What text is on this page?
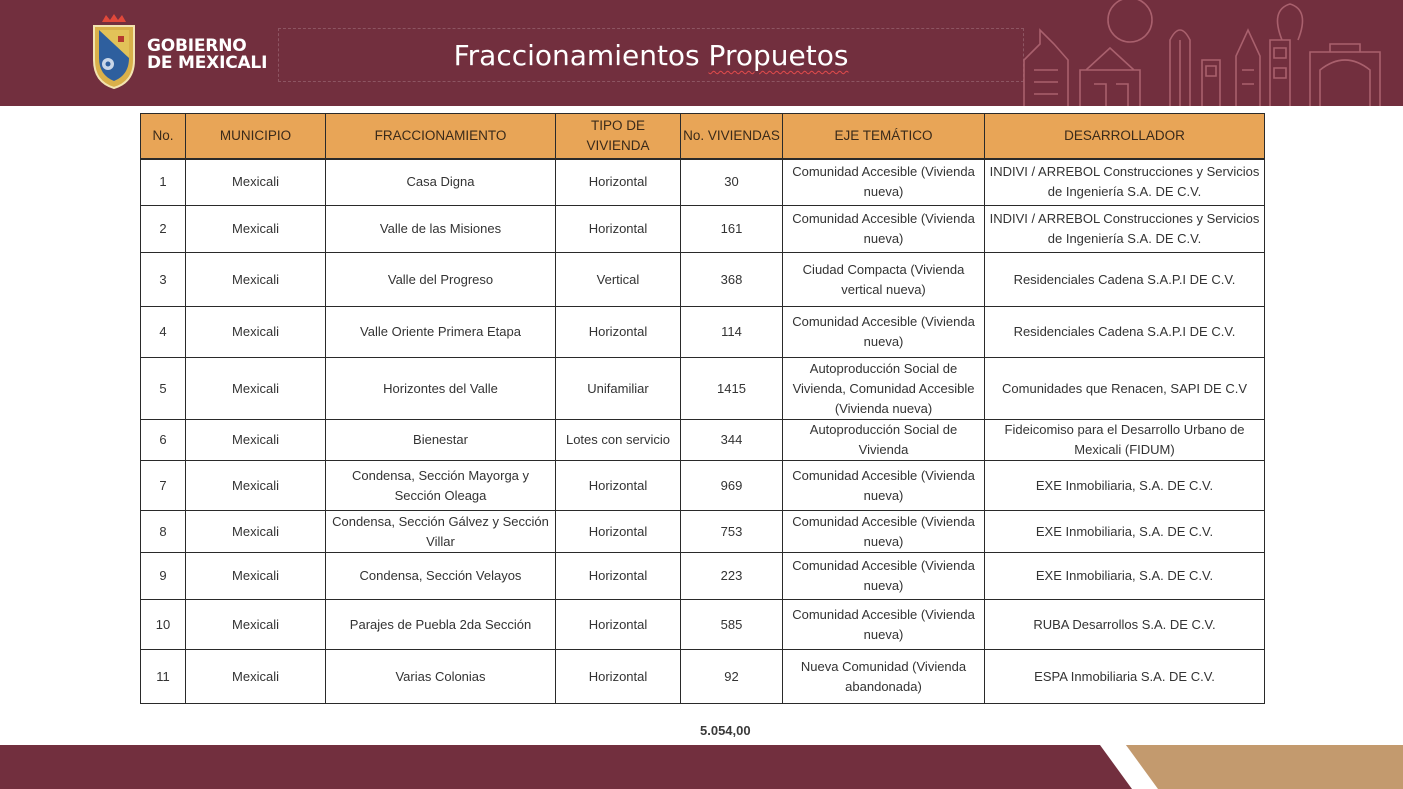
GOBIERNO
DE MEXICALI	Fraccionamientos Propuetos
No.	MUNICIPIO	FRACCIONAMIENTO	TIPO DE VIVIENDA	No. VIVIENDAS	EJE TEMÁTICO	DESARROLLADOR
1	Mexicali	Casa Digna	Horizontal	30	Comunidad Accesible (Vivienda nueva)	INDIVI / ARREBOL Construcciones y Servicios de Ingeniería S.A. DE C.V.
2	Mexicali	Valle de las Misiones	Horizontal	161	Comunidad Accesible (Vivienda nueva)	INDIVI / ARREBOL Construcciones y Servicios de Ingeniería S.A. DE C.V.
3	Mexicali	Valle del Progreso	Vertical	368	Ciudad Compacta (Vivienda vertical nueva)	Residenciales Cadena S.A.P.I DE C.V.
4	Mexicali	Valle Oriente Primera Etapa	Horizontal	114	Comunidad Accesible (Vivienda nueva)	Residenciales Cadena S.A.P.I DE C.V.
5	Mexicali	Horizontes del Valle	Unifamiliar	1415	Autoproducción Social de Vivienda, Comunidad Accesible (Vivienda nueva)	Comunidades que Renacen, SAPI DE C.V
6	Mexicali	Bienestar	Lotes con servicio	344	Autoproducción Social de Vivienda	Fideicomiso para el Desarrollo Urbano de Mexicali (FIDUM)
7	Mexicali	Condensa, Sección Mayorga y Sección Oleaga	Horizontal	969	Comunidad Accesible (Vivienda nueva)	EXE Inmobiliaria, S.A. DE C.V.
8	Mexicali	Condensa, Sección Gálvez y Sección Villar	Horizontal	753	Comunidad Accesible (Vivienda nueva)	EXE Inmobiliaria, S.A. DE C.V.
9	Mexicali	Condensa, Sección Velayos	Horizontal	223	Comunidad Accesible (Vivienda nueva)	EXE Inmobiliaria, S.A. DE C.V.
10	Mexicali	Parajes de Puebla 2da Sección	Horizontal	585	Comunidad Accesible (Vivienda nueva)	RUBA Desarrollos S.A. DE C.V.
11	Mexicali	Varias Colonias	Horizontal	92	Nueva Comunidad (Vivienda abandonada)	ESPA Inmobiliaria S.A. DE C.V.
5.054,00
